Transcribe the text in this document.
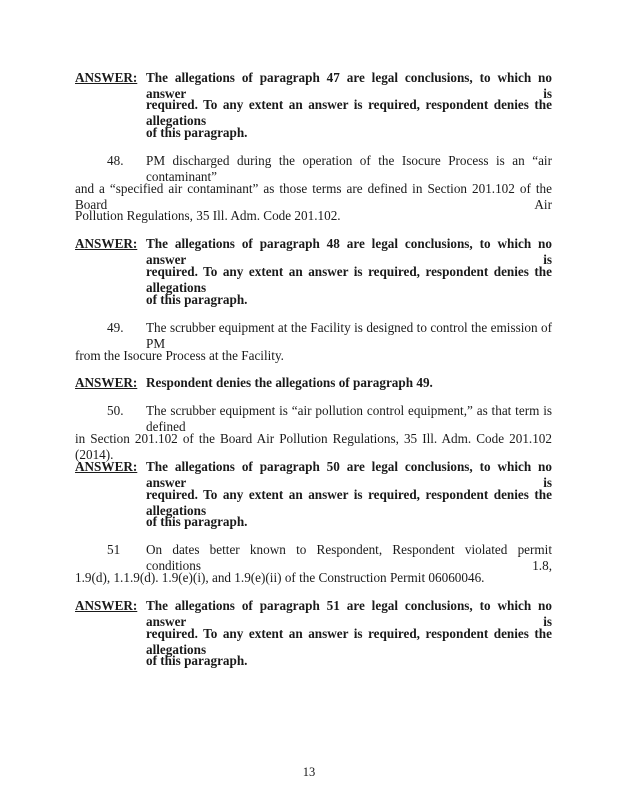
ANSWER: The allegations of paragraph 47 are legal conclusions, to which no answer is
required. To any extent an answer is required, respondent denies the allegations
of this paragraph.
48. PM discharged during the operation of the Isocure Process is an “air contaminant”
and a “specified air contaminant” as those terms are defined in Section 201.102 of the Board Air
Pollution Regulations, 35 Ill. Adm. Code 201.102.
ANSWER: The allegations of paragraph 48 are legal conclusions, to which no answer is
required. To any extent an answer is required, respondent denies the allegations
of this paragraph.
49. The scrubber equipment at the Facility is designed to control the emission of PM
from the Isocure Process at the Facility.
ANSWER: Respondent denies the allegations of paragraph 49.
50. The scrubber equipment is “air pollution control equipment,” as that term is defined
in Section 201.102 of the Board Air Pollution Regulations, 35 Ill. Adm. Code 201.102 (2014).
ANSWER: The allegations of paragraph 50 are legal conclusions, to which no answer is
required. To any extent an answer is required, respondent denies the allegations
of this paragraph.
51 On dates better known to Respondent, Respondent violated permit conditions 1.8,
1.9(d), 1.1.9(d). 1.9(e)(i), and 1.9(e)(ii) of the Construction Permit 06060046.
ANSWER: The allegations of paragraph 51 are legal conclusions, to which no answer is
required. To any extent an answer is required, respondent denies the allegations
of this paragraph.
13
